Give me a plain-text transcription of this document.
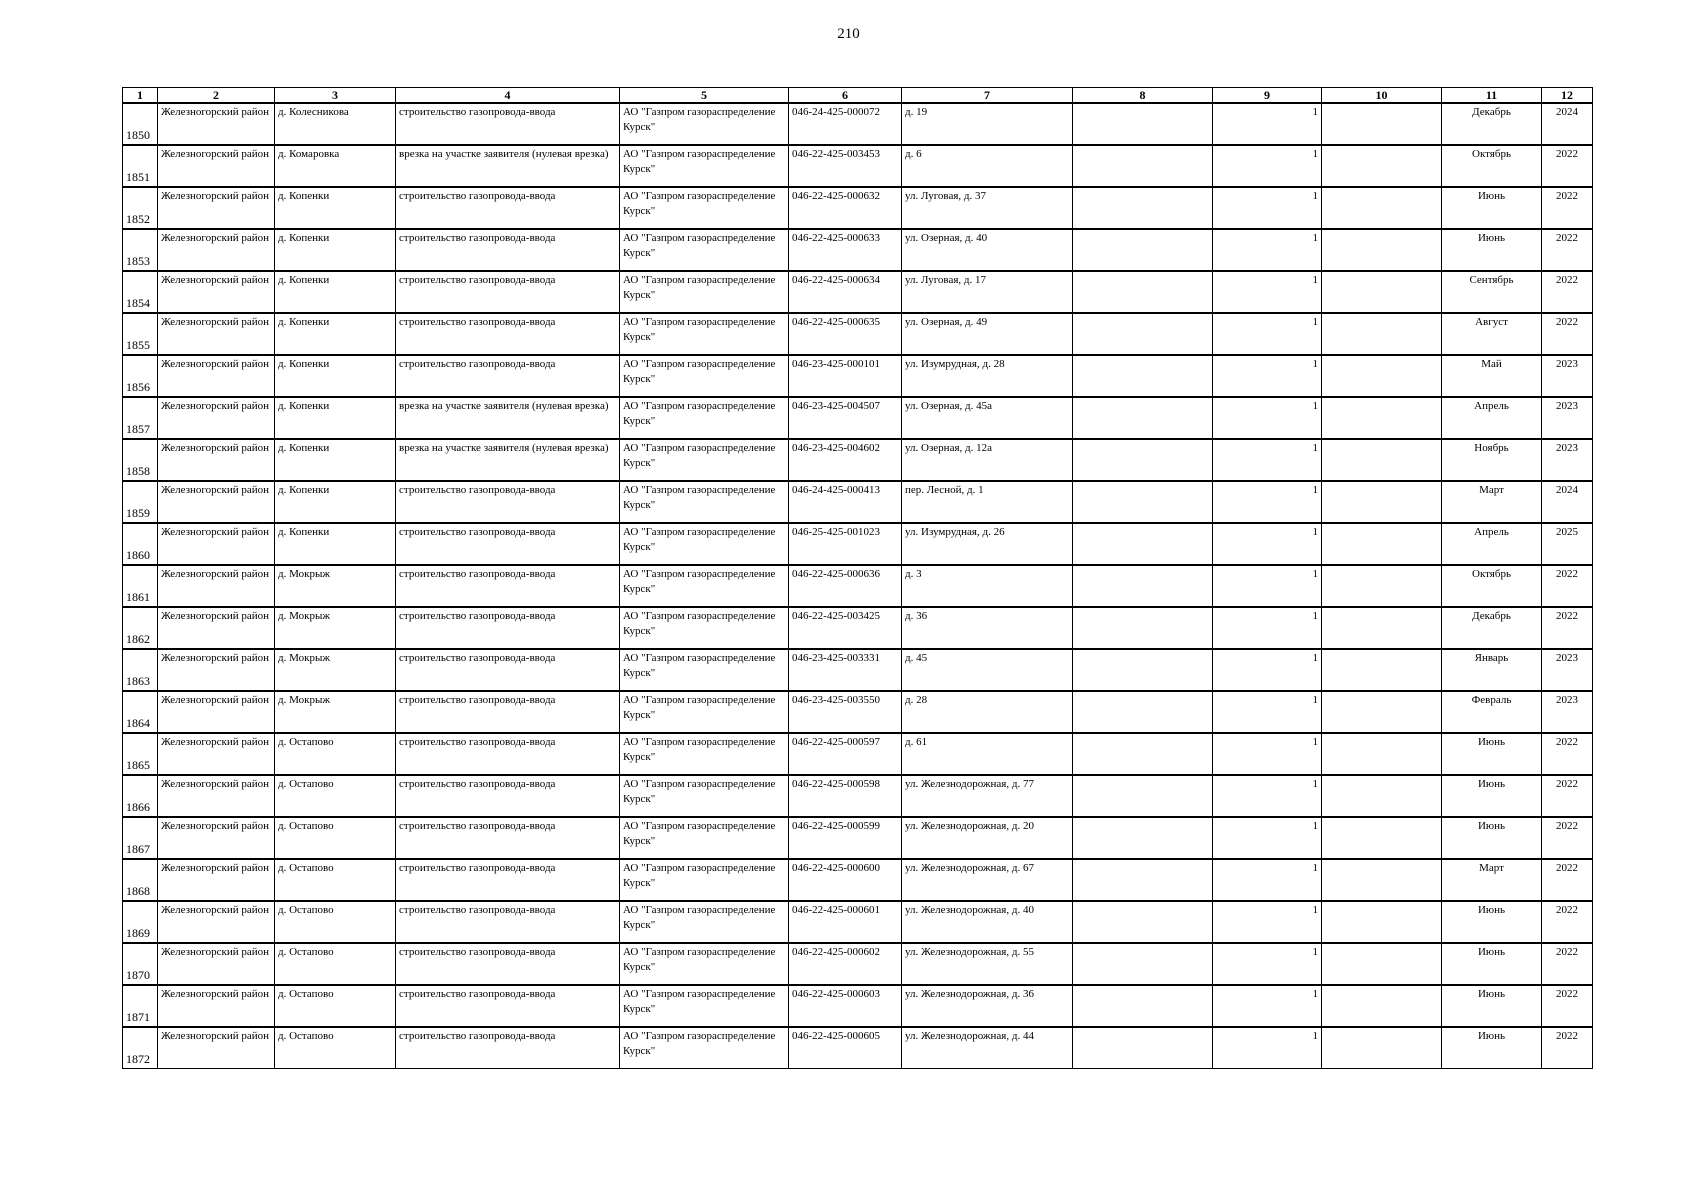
210
1	2	3	4	5	6	7	8	9	10	11	12
1850	Железногорский район	д. Колесникова	строительство газопровода-ввода	АО "Газпром газораспределение Курск"	046-24-425-000072	д. 19		1		Декабрь	2024
1851	Железногорский район	д. Комаровка	врезка на участке заявителя (нулевая врезка)	АО "Газпром газораспределение Курск"	046-22-425-003453	д. 6		1		Октябрь	2022
1852	Железногорский район	д. Копенки	строительство газопровода-ввода	АО "Газпром газораспределение Курск"	046-22-425-000632	ул. Луговая, д. 37		1		Июнь	2022
1853	Железногорский район	д. Копенки	строительство газопровода-ввода	АО "Газпром газораспределение Курск"	046-22-425-000633	ул. Озерная, д. 40		1		Июнь	2022
1854	Железногорский район	д. Копенки	строительство газопровода-ввода	АО "Газпром газораспределение Курск"	046-22-425-000634	ул. Луговая, д. 17		1		Сентябрь	2022
1855	Железногорский район	д. Копенки	строительство газопровода-ввода	АО "Газпром газораспределение Курск"	046-22-425-000635	ул. Озерная, д. 49		1		Август	2022
1856	Железногорский район	д. Копенки	строительство газопровода-ввода	АО "Газпром газораспределение Курск"	046-23-425-000101	ул. Изумрудная, д. 28		1		Май	2023
1857	Железногорский район	д. Копенки	врезка на участке заявителя (нулевая врезка)	АО "Газпром газораспределение Курск"	046-23-425-004507	ул. Озерная, д. 45а		1		Апрель	2023
1858	Железногорский район	д. Копенки	врезка на участке заявителя (нулевая врезка)	АО "Газпром газораспределение Курск"	046-23-425-004602	ул. Озерная, д. 12а		1		Ноябрь	2023
1859	Железногорский район	д. Копенки	строительство газопровода-ввода	АО "Газпром газораспределение Курск"	046-24-425-000413	пер. Лесной, д. 1		1		Март	2024
1860	Железногорский район	д. Копенки	строительство газопровода-ввода	АО "Газпром газораспределение Курск"	046-25-425-001023	ул. Изумрудная, д. 26		1		Апрель	2025
1861	Железногорский район	д. Мокрыж	строительство газопровода-ввода	АО "Газпром газораспределение Курск"	046-22-425-000636	д. 3		1		Октябрь	2022
1862	Железногорский район	д. Мокрыж	строительство газопровода-ввода	АО "Газпром газораспределение Курск"	046-22-425-003425	д. 36		1		Декабрь	2022
1863	Железногорский район	д. Мокрыж	строительство газопровода-ввода	АО "Газпром газораспределение Курск"	046-23-425-003331	д. 45		1		Январь	2023
1864	Железногорский район	д. Мокрыж	строительство газопровода-ввода	АО "Газпром газораспределение Курск"	046-23-425-003550	д. 28		1		Февраль	2023
1865	Железногорский район	д. Остапово	строительство газопровода-ввода	АО "Газпром газораспределение Курск"	046-22-425-000597	д. 61		1		Июнь	2022
1866	Железногорский район	д. Остапово	строительство газопровода-ввода	АО "Газпром газораспределение Курск"	046-22-425-000598	ул. Железнодорожная, д. 77		1		Июнь	2022
1867	Железногорский район	д. Остапово	строительство газопровода-ввода	АО "Газпром газораспределение Курск"	046-22-425-000599	ул. Железнодорожная, д. 20		1		Июнь	2022
1868	Железногорский район	д. Остапово	строительство газопровода-ввода	АО "Газпром газораспределение Курск"	046-22-425-000600	ул. Железнодорожная, д. 67		1		Март	2022
1869	Железногорский район	д. Остапово	строительство газопровода-ввода	АО "Газпром газораспределение Курск"	046-22-425-000601	ул. Железнодорожная, д. 40		1		Июнь	2022
1870	Железногорский район	д. Остапово	строительство газопровода-ввода	АО "Газпром газораспределение Курск"	046-22-425-000602	ул. Железнодорожная, д. 55		1		Июнь	2022
1871	Железногорский район	д. Остапово	строительство газопровода-ввода	АО "Газпром газораспределение Курск"	046-22-425-000603	ул. Железнодорожная, д. 36		1		Июнь	2022
1872	Железногорский район	д. Остапово	строительство газопровода-ввода	АО "Газпром газораспределение Курск"	046-22-425-000605	ул. Железнодорожная, д. 44		1		Июнь	2022
